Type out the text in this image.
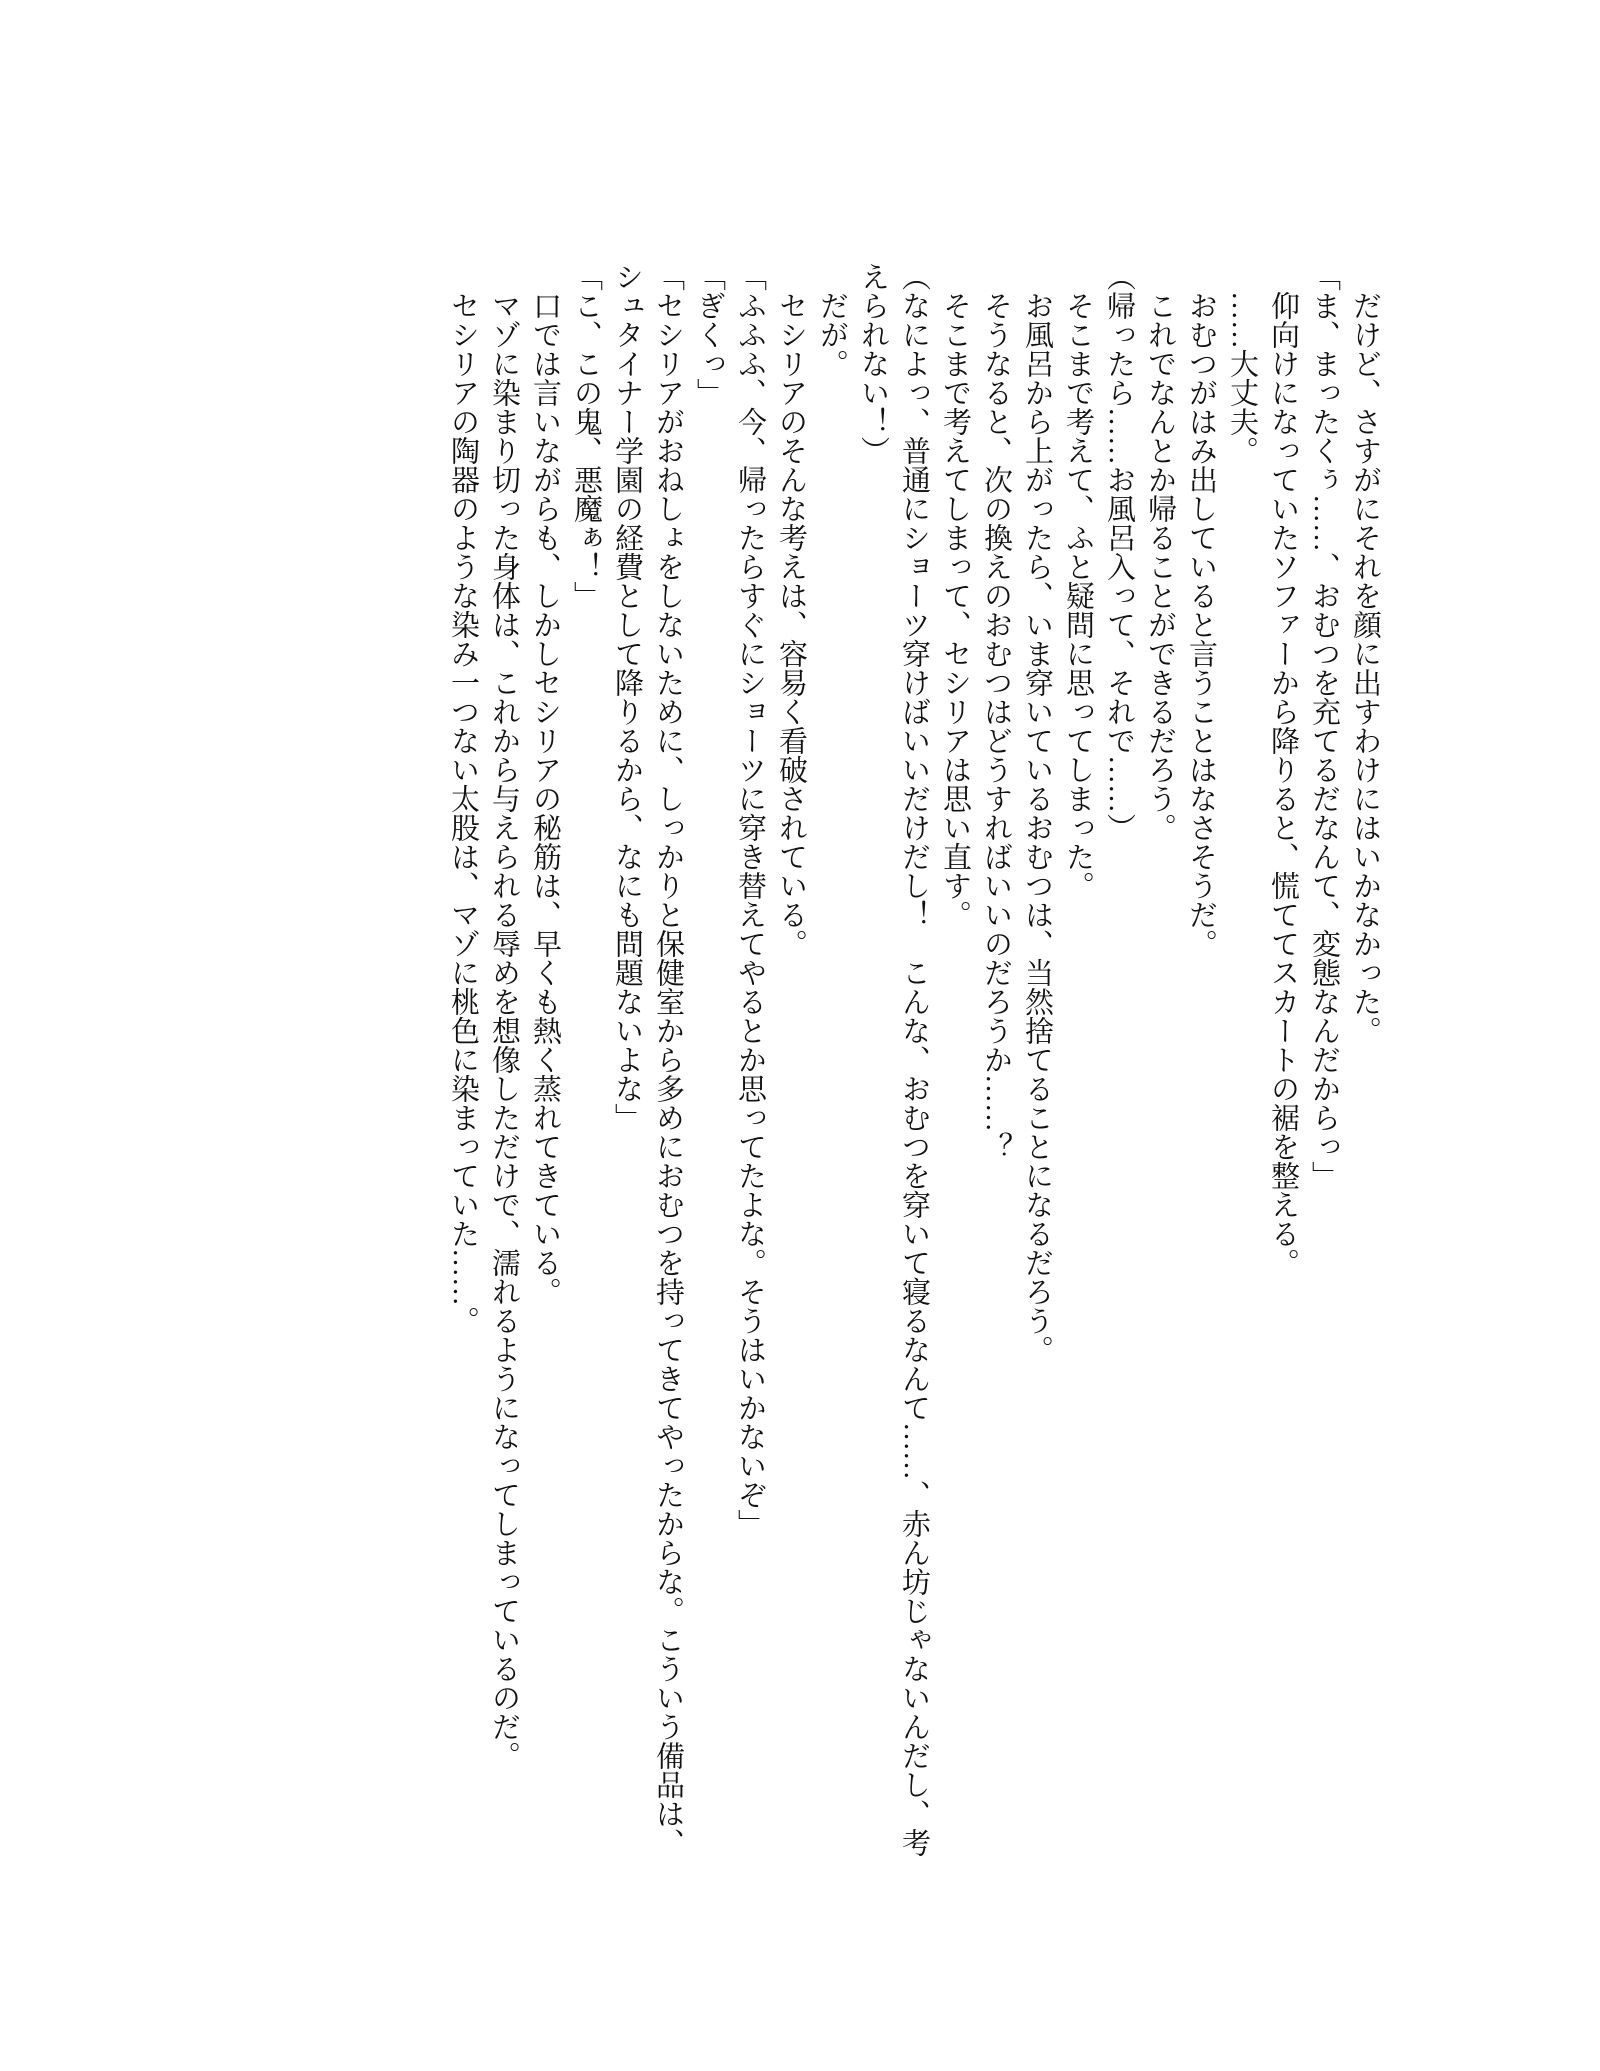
だけど、さすがにそれを顔に出すわけにはいかなかった。

「ま、まったくぅ……、おむつを充てるだなんて、変態なんだからっ」

仰向けになっていたソファーから降りると、慌ててスカートの裾を整える。

……大丈夫。

おむつがはみ出していると言うことはなさそうだ。

これでなんとか帰ることができるだろう。

（帰ったら……お風呂入って、それで……）

そこまで考えて、ふと疑問に思ってしまった。

お風呂から上がったら、いま穿いているおむつは、当然捨てることになるだろう。

そうなると、次の換えのおむつはどうすればいいのだろうか……？

そこまで考えてしまって、セシリアは思い直す。

（なによっ、普通にショーツ穿けばいいだけだし！　こんな、おむつを穿いて寝るなんて……、赤ん坊じゃないんだし、考えられない！）

だが。

セシリアのそんな考えは、容易く看破されている。

「ふふふ、今、帰ったらすぐにショーツに穿き替えてやるとか思ってたよな。そうはいかないぞ」

「ぎくっ」

「セシリアがおねしょをしないために、しっかりと保健室から多めにおむつを持ってきてやったからな。こういう備品は、シュタイナー学園の経費として降りるから、なにも問題ないよな」

「こ、この鬼、悪魔ぁ！」

口では言いながらも、しかしセシリアの秘筋は、早くも熱く蒸れてきている。

マゾに染まり切った身体は、これから与えられる辱めを想像しただけで、濡れるようになってしまっているのだ。

セシリアの陶器のような染み一つない太股は、マゾに桃色に染まっていた……。
